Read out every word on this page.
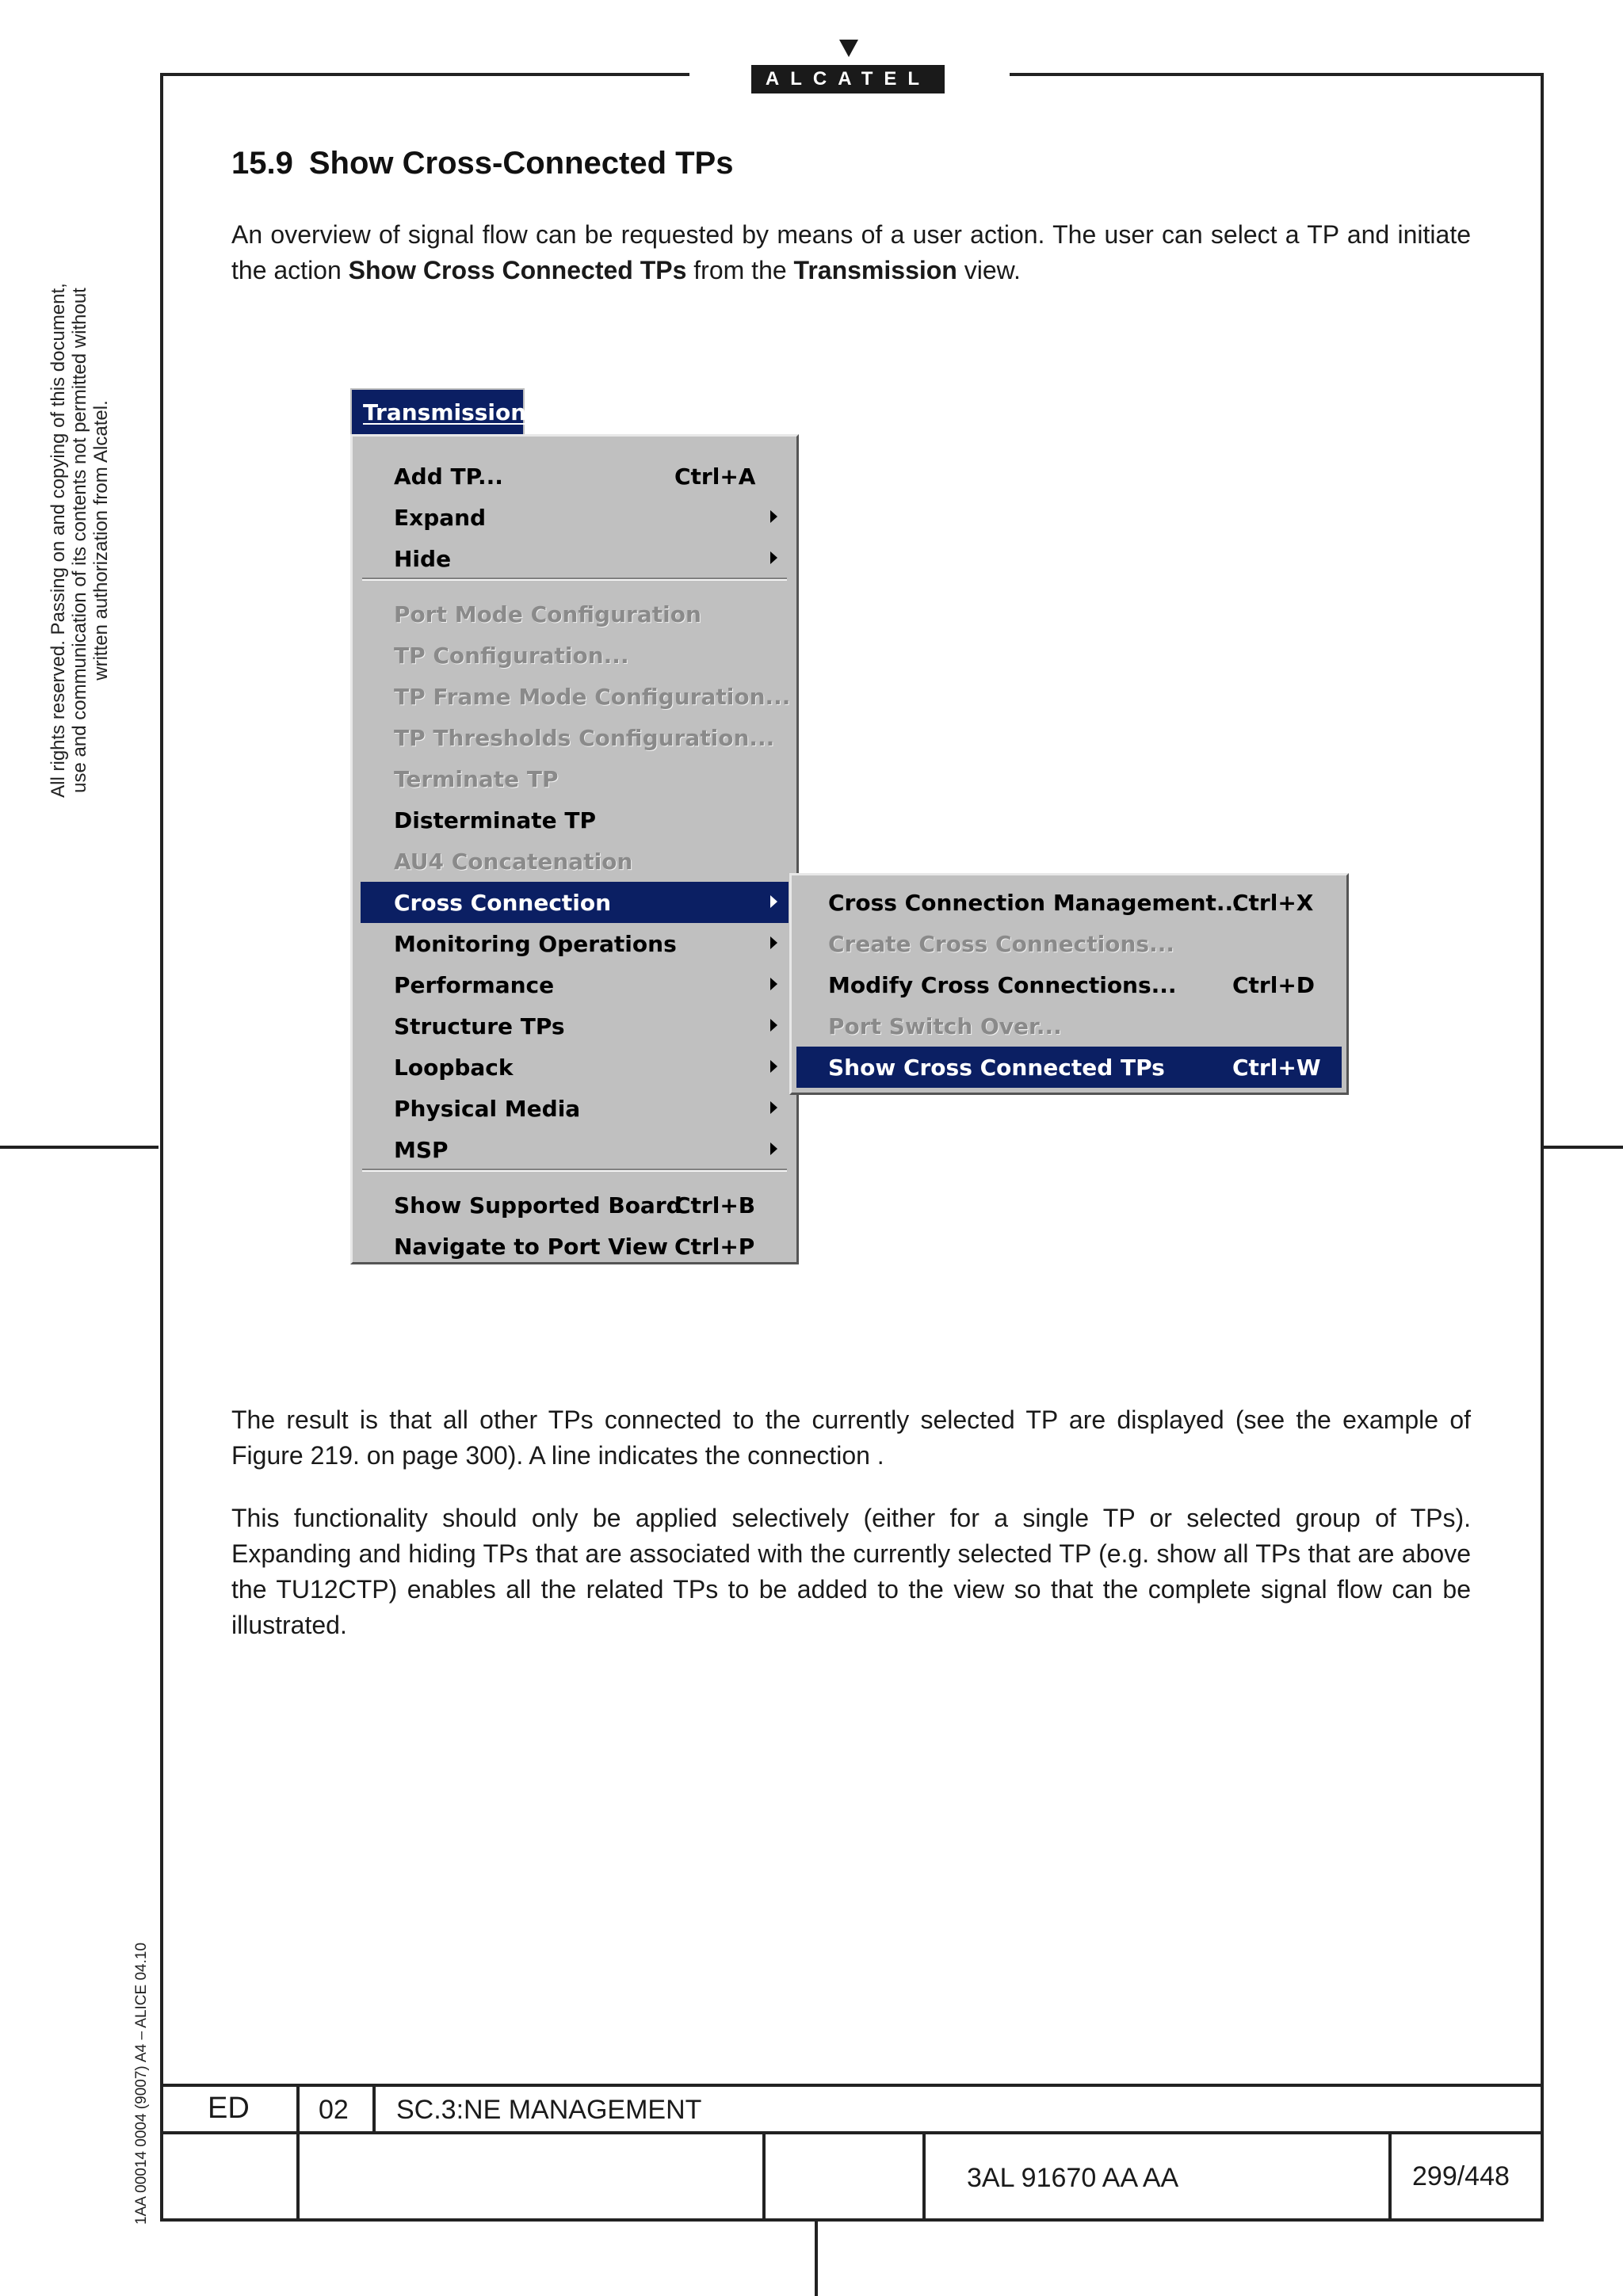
ALCATEL
All rights reserved. Passing on and copying of this document, use and communication of its contents not permitted without written authorization from Alcatel.
1AA 00014 0004 (9007) A4 – ALICE 04.10
15.9 Show Cross-Connected TPs
An overview of signal flow can be requested by means of a user action. The user can select a TP and initiate the action Show Cross Connected TPs from the Transmission view.
Transmission
Add TP...	Ctrl+A
Expand
Hide
Port Mode Configuration
TP Configuration...
TP Frame Mode Configuration...
TP Thresholds Configuration...
Terminate TP
Disterminate TP
AU4 Concatenation
Cross Connection
Monitoring Operations
Performance
Structure TPs
Loopback
Physical Media
MSP
Show Supported Board
Ctrl+B
Navigate to Port View Ctrl+P
Cross Connection Management...
Ctrl+X
Create Cross Connections...
Modify Cross Connections...	Ctrl+D
Port Switch Over...
Show Cross Connected TPs	Ctrl+W
The result is that all other TPs connected to the currently selected TP are displayed (see the example of Figure 219. on page 300). A line indicates the connection .
This functionality should only be applied selectively (either for a single TP or selected group of TPs). Expanding and hiding TPs that are associated with the currently selected TP (e.g. show all TPs that are above the TU12CTP) enables all the related TPs to be added to the view so that the complete signal flow can be illustrated.
ED	02 SC.3:NE MANAGEMENT
3AL 91670 AA AA	299/448
